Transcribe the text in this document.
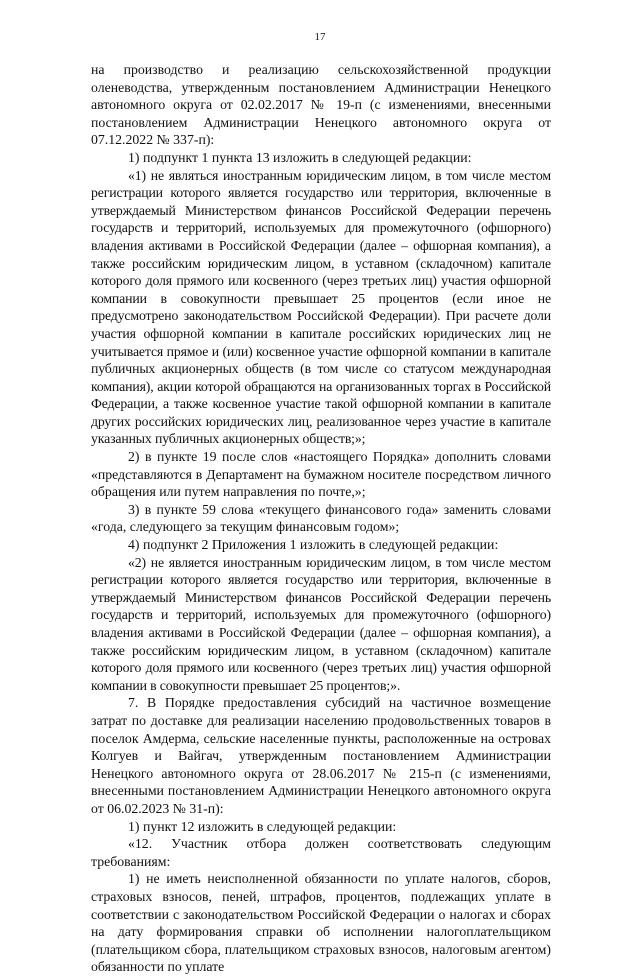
17

на производство и реализацию сельскохозяйственной продукции оленеводства, утвержденным постановлением Администрации Ненецкого автономного округа от 02.02.2017 № 19-п (с изменениями, внесенными постановлением Администрации Ненецкого автономного округа от 07.12.2022 № 337-п):

1) подпункт 1 пункта 13 изложить в следующей редакции:

«1) не являться иностранным юридическим лицом, в том числе местом регистрации которого является государство или территория, включенные в утверждаемый Министерством финансов Российской Федерации перечень государств и территорий, используемых для промежуточного (офшорного) владения активами в Российской Федерации (далее – офшорная компания), а также российским юридическим лицом, в уставном (складочном) капитале которого доля прямого или косвенного (через третьих лиц) участия офшорной компании в совокупности превышает 25 процентов (если иное не предусмотрено законодательством Российской Федерации). При расчете доли участия офшорной компании в капитале российских юридических лиц не учитывается прямое и (или) косвенное участие офшорной компании в капитале публичных акционерных обществ (в том числе со статусом международная компания), акции которой обращаются на организованных торгах в Российской Федерации, а также косвенное участие такой офшорной компании в капитале других российских юридических лиц, реализованное через участие в капитале указанных публичных акционерных обществ;»;

2) в пункте 19 после слов «настоящего Порядка» дополнить словами «представляются в Департамент на бумажном носителе посредством личного обращения или путем направления по почте,»;

3) в пункте 59 слова «текущего финансового года» заменить словами «года, следующего за текущим финансовым годом»;

4) подпункт 2 Приложения 1 изложить в следующей редакции:

«2) не является иностранным юридическим лицом, в том числе местом регистрации которого является государство или территория, включенные в утверждаемый Министерством финансов Российской Федерации перечень государств и территорий, используемых для промежуточного (офшорного) владения активами в Российской Федерации (далее – офшорная компания), а также российским юридическим лицом, в уставном (складочном) капитале которого доля прямого или косвенного (через третьих лиц) участия офшорной компании в совокупности превышает 25 процентов;».

7. В Порядке предоставления субсидий на частичное возмещение затрат по доставке для реализации населению продовольственных товаров в поселок Амдерма, сельские населенные пункты, расположенные на островах Колгуев и Вайгач, утвержденным постановлением Администрации Ненецкого автономного округа от 28.06.2017 № 215-п (с изменениями, внесенными постановлением Администрации Ненецкого автономного округа от 06.02.2023 № 31-п):

1) пункт 12 изложить в следующей редакции:

«12. Участник отбора должен соответствовать следующим требованиям:

1) не иметь неисполненной обязанности по уплате налогов, сборов, страховых взносов, пеней, штрафов, процентов, подлежащих уплате в соответствии с законодательством Российской Федерации о налогах и сборах на дату формирования справки об исполнении налогоплательщиком (плательщиком сбора, плательщиком страховых взносов, налоговым агентом) обязанности по уплате
